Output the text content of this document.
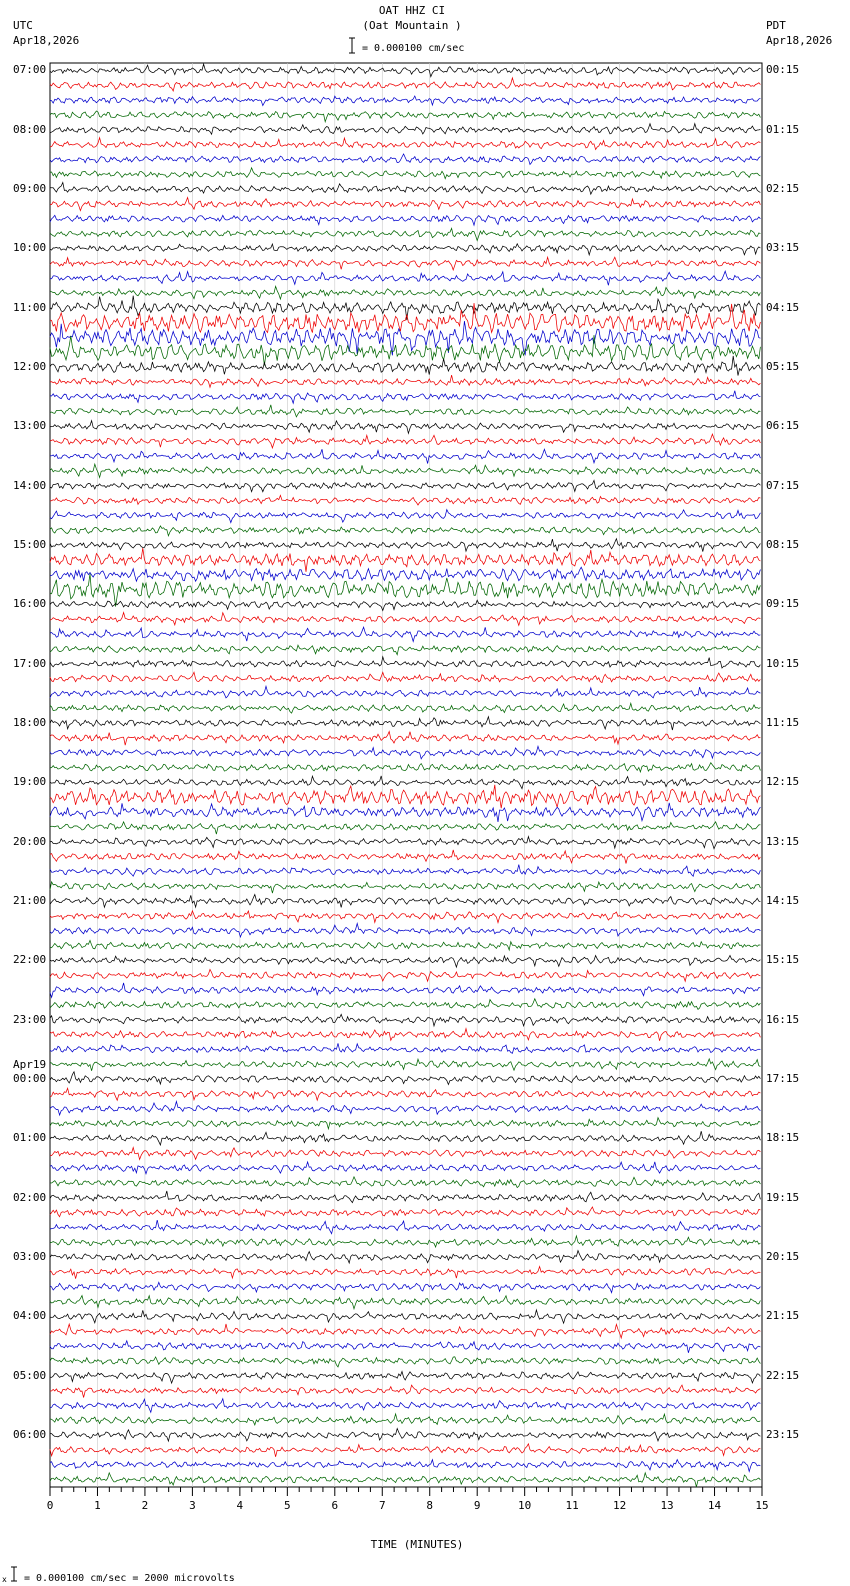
OAT HHZ CI
(Oat Mountain )
= 0.000100 cm/sec
UTC
Apr18,2026
PDT
Apr18,2026
0	1	2	3	4	5	6	7	8	9	10	11	12	13	14	15
07:00
08:00
09:00
10:00
11:00
12:00
13:00
14:00
15:00
16:00
17:00
18:00
19:00
20:00
21:00
22:00
23:00
Apr19
00:00
01:00
02:00
03:00
04:00
05:00
06:00
00:15
01:15
02:15
03:15
04:15
05:15
06:15
07:15
08:15
09:15
10:15
11:15
12:15
13:15
14:15
15:15
16:15
17:15
18:15
19:15
20:15
21:15
22:15
23:15
TIME (MINUTES)
x = 0.000100 cm/sec = 2000 microvolts
